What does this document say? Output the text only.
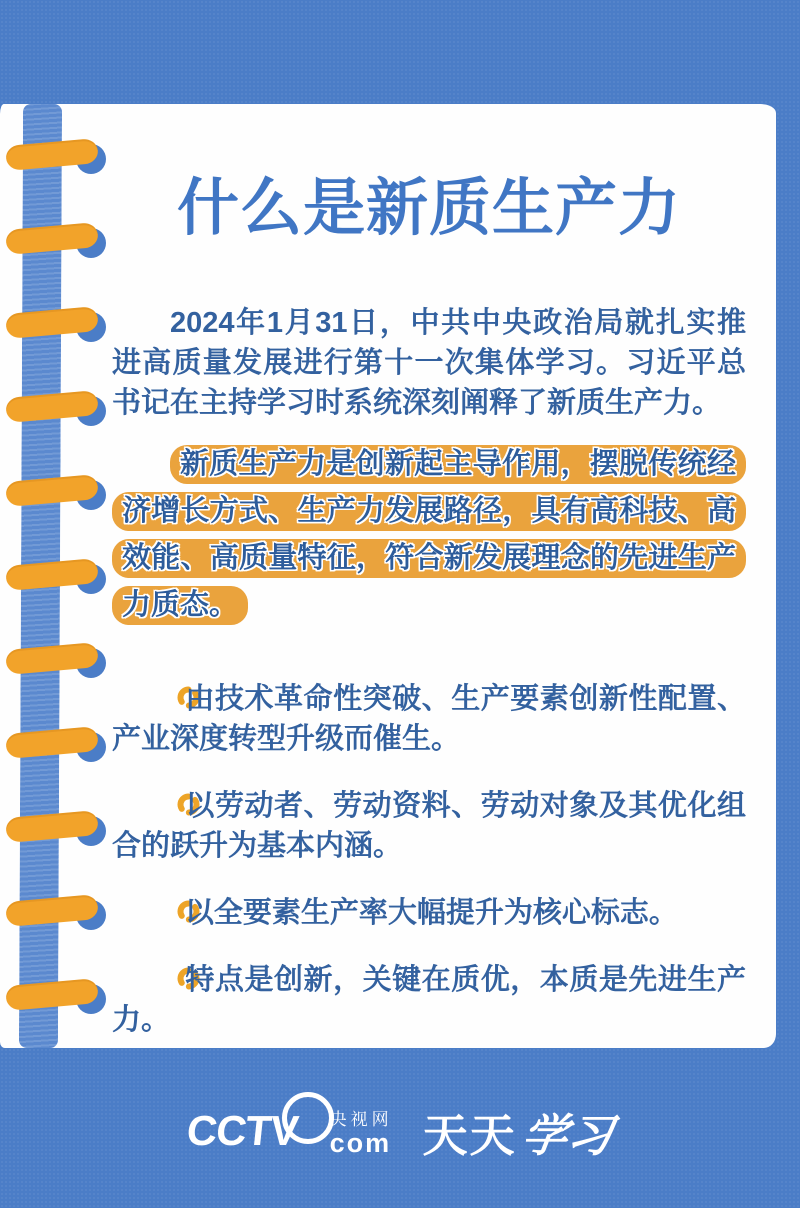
什么是新质生产力

2024年1月31日，中共中央政治局就扎实推进高质量发展进行第十一次集体学习。习近平总书记在主持学习时系统深刻阐释了新质生产力。

新质生产力是创新起主导作用，摆脱传统经济增长方式、生产力发展路径，具有高科技、高效能、高质量特征，符合新发展理念的先进生产力质态。

由技术革命性突破、生产要素创新性配置、产业深度转型升级而催生。
以劳动者、劳动资料、劳动对象及其优化组合的跃升为基本内涵。
以全要素生产率大幅提升为核心标志。
特点是创新，关键在质优，本质是先进生产力。
CCTV 央视网
com 天天学习
